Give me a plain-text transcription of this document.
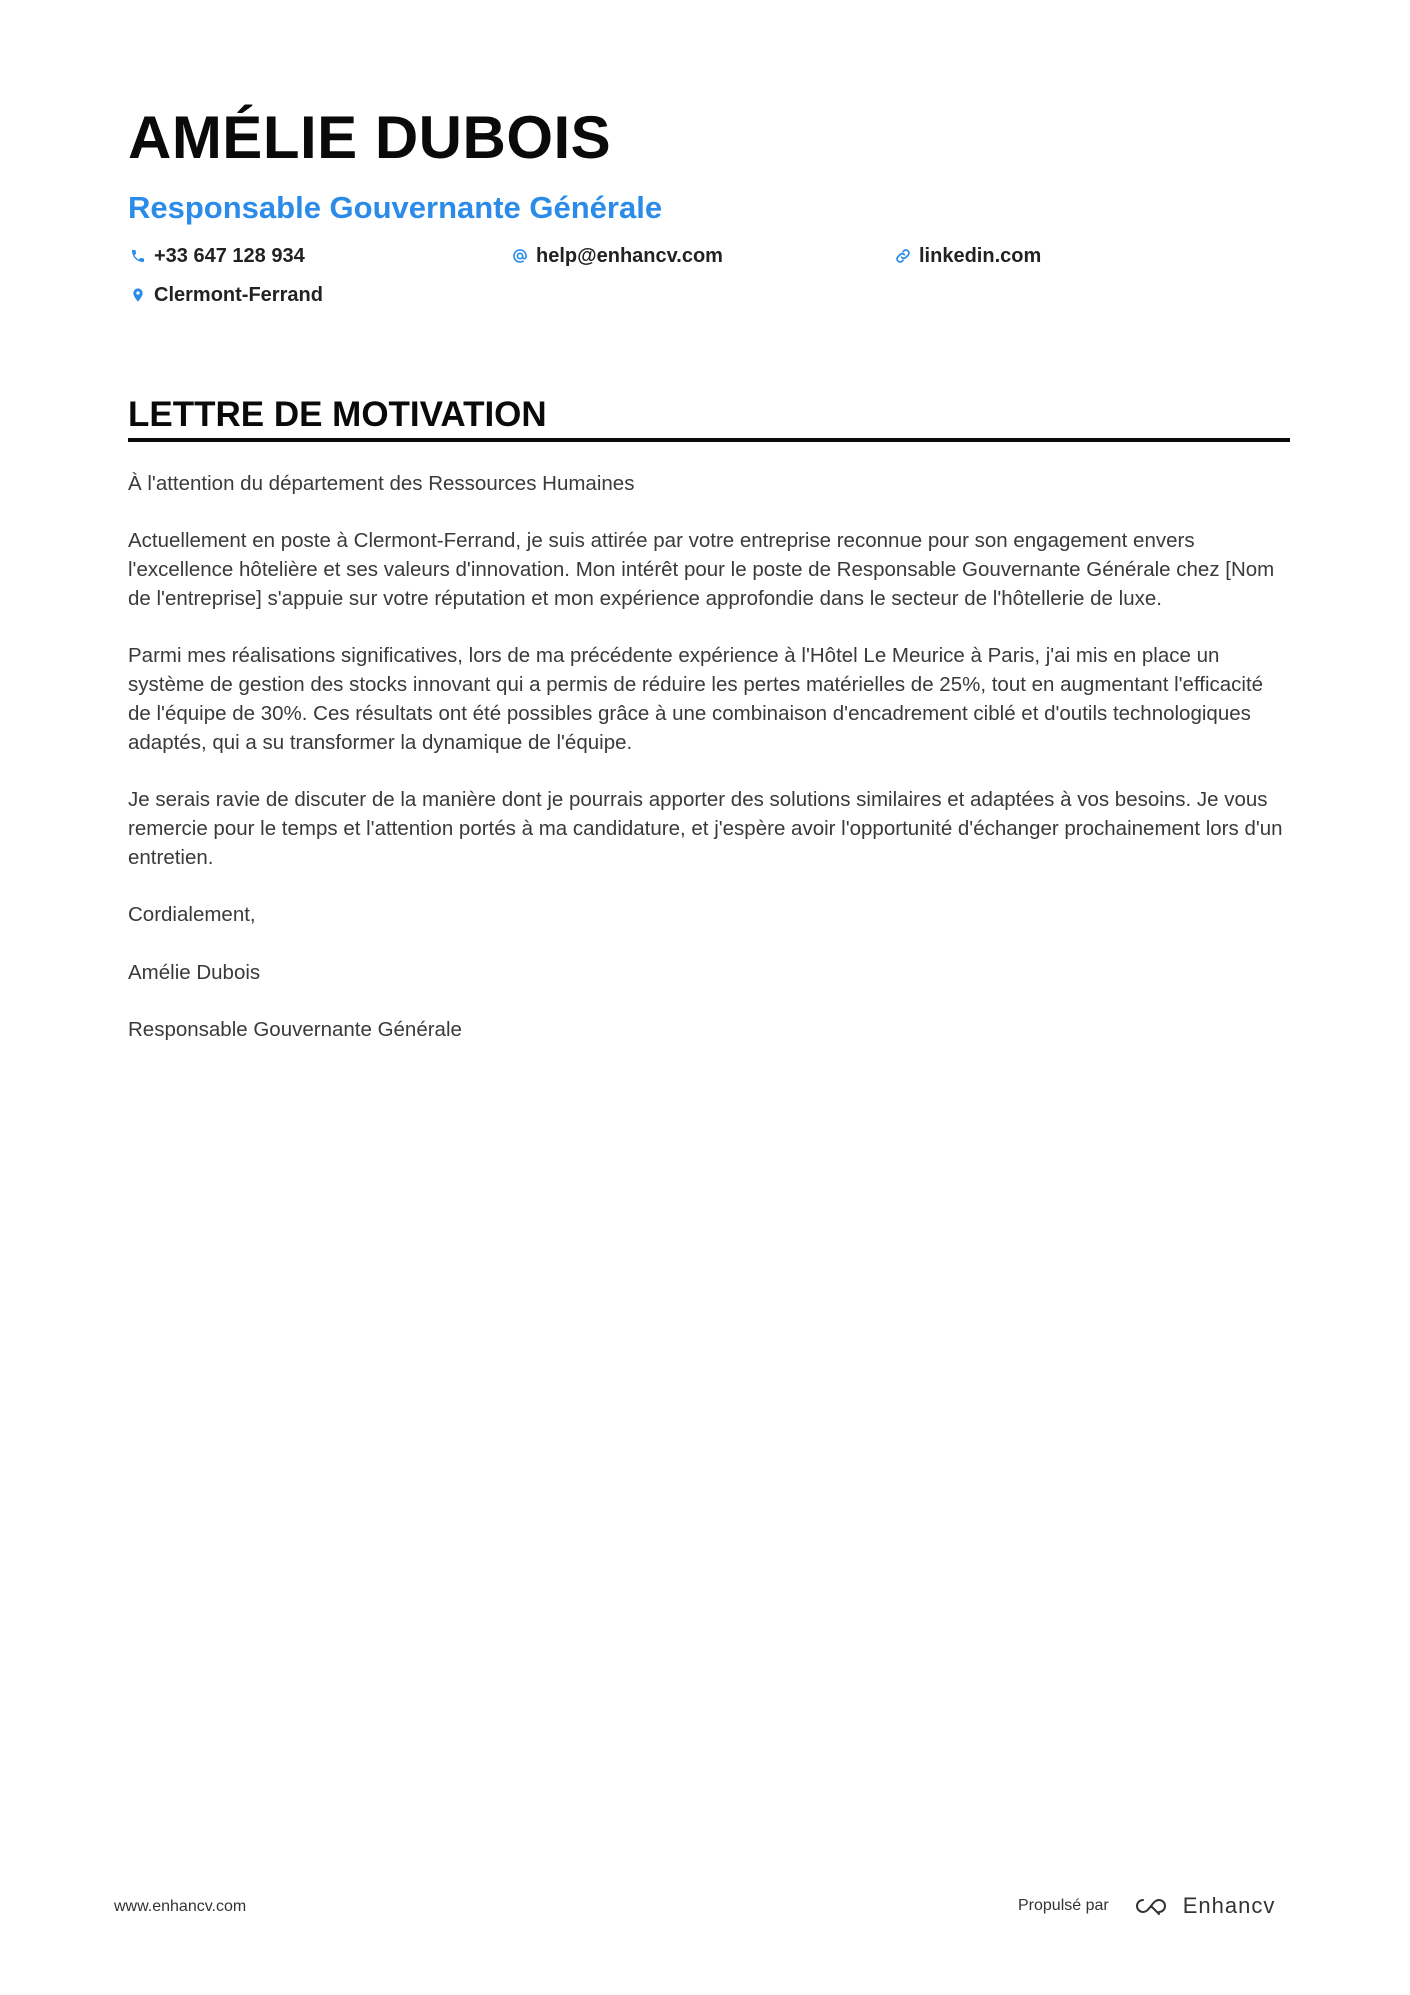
AMÉLIE DUBOIS
Responsable Gouvernante Générale
+33 647 128 934	help@enhancv.com	linkedin.com
Clermont-Ferrand
LETTRE DE MOTIVATION

À l'attention du département des Ressources Humaines

Actuellement en poste à Clermont-Ferrand, je suis attirée par votre entreprise reconnue pour son engagement envers l'excellence hôtelière et ses valeurs d'innovation. Mon intérêt pour le poste de Responsable Gouvernante Générale chez [Nom de l'entreprise] s'appuie sur votre réputation et mon expérience approfondie dans le secteur de l'hôtellerie de luxe.

Parmi mes réalisations significatives, lors de ma précédente expérience à l'Hôtel Le Meurice à Paris, j'ai mis en place un système de gestion des stocks innovant qui a permis de réduire les pertes matérielles de 25%, tout en augmentant l'efficacité de l'équipe de 30%. Ces résultats ont été possibles grâce à une combinaison d'encadrement ciblé et d'outils technologiques adaptés, qui a su transformer la dynamique de l'équipe.

Je serais ravie de discuter de la manière dont je pourrais apporter des solutions similaires et adaptées à vos besoins. Je vous remercie pour le temps et l'attention portés à ma candidature, et j'espère avoir l'opportunité d'échanger prochainement lors d'un entretien.

Cordialement,

Amélie Dubois

Responsable Gouvernante Générale

www.enhancv.com	Propulsé par	Enhancv
